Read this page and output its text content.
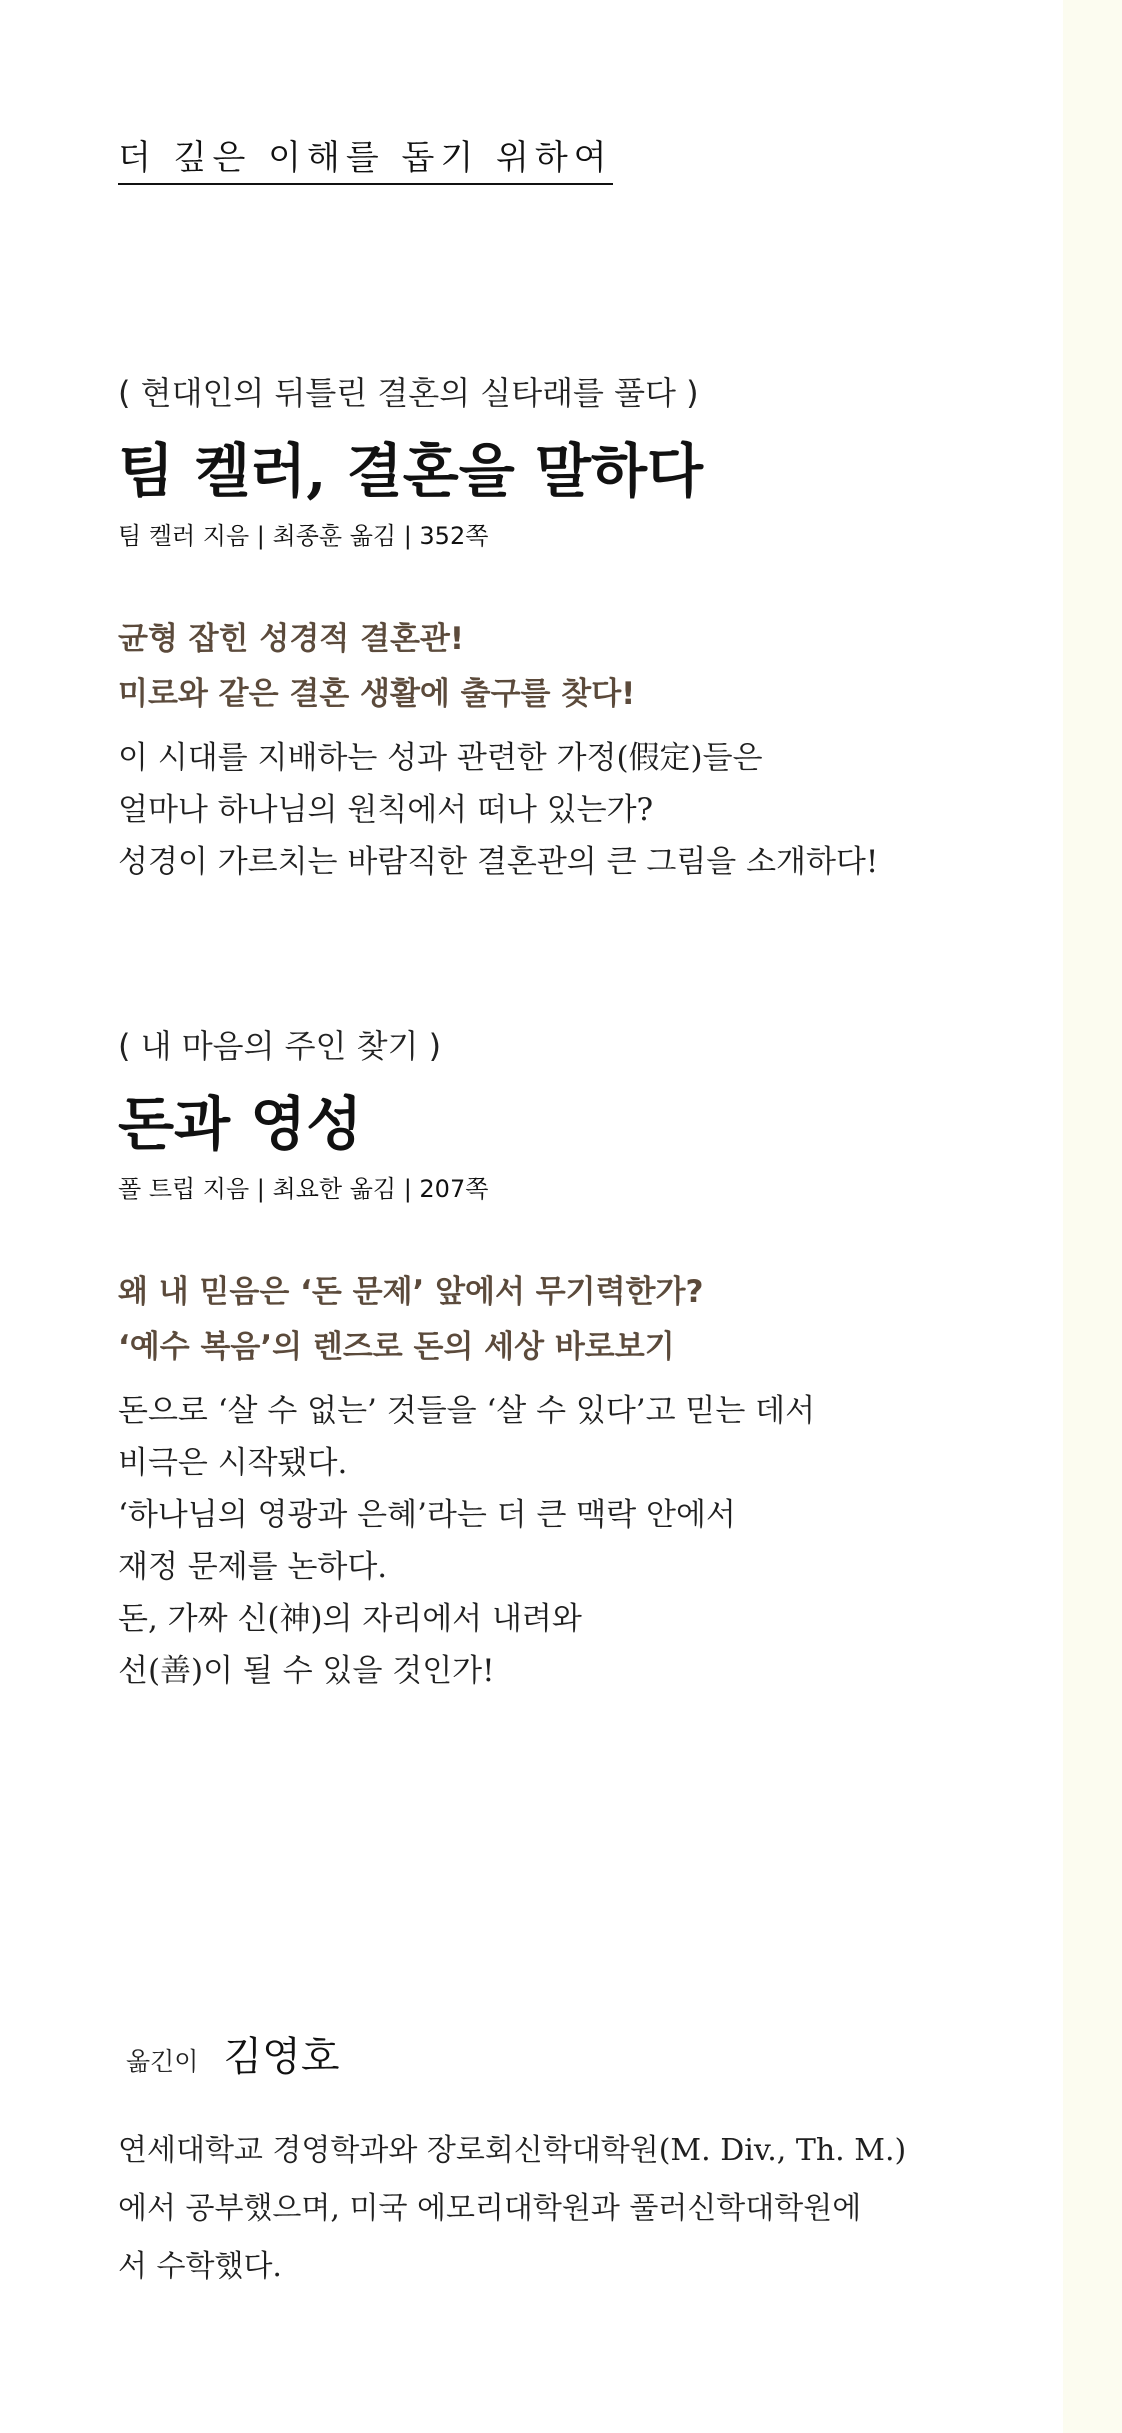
더 깊은 이해를 돕기 위하여
( 현대인의 뒤틀린 결혼의 실타래를 풀다 )
팀 켈러, 결혼을 말하다
팀 켈러 지음 | 최종훈 옮김 | 352쪽
균형 잡힌 성경적 결혼관!
미로와 같은 결혼 생활에 출구를 찾다!
이 시대를 지배하는 성과 관련한 가정(假定)들은
얼마나 하나님의 원칙에서 떠나 있는가?
성경이 가르치는 바람직한 결혼관의 큰 그림을 소개하다!
( 내 마음의 주인 찾기 )
돈과 영성
폴 트립 지음 | 최요한 옮김 | 207쪽
왜 내 믿음은 ‘돈 문제’ 앞에서 무기력한가?
‘예수 복음’의 렌즈로 돈의 세상 바로보기
돈으로 ‘살 수 없는’ 것들을 ‘살 수 있다’고 믿는 데서
비극은 시작됐다.
‘하나님의 영광과 은혜’라는 더 큰 맥락 안에서
재정 문제를 논하다.
돈, 가짜 신(神)의 자리에서 내려와
선(善)이 될 수 있을 것인가!
옮긴이 김영호
연세대학교 경영학과와 장로회신학대학원(M. Div., Th. M.)
에서 공부했으며, 미국 에모리대학원과 풀러신학대학원에
서 수학했다.
